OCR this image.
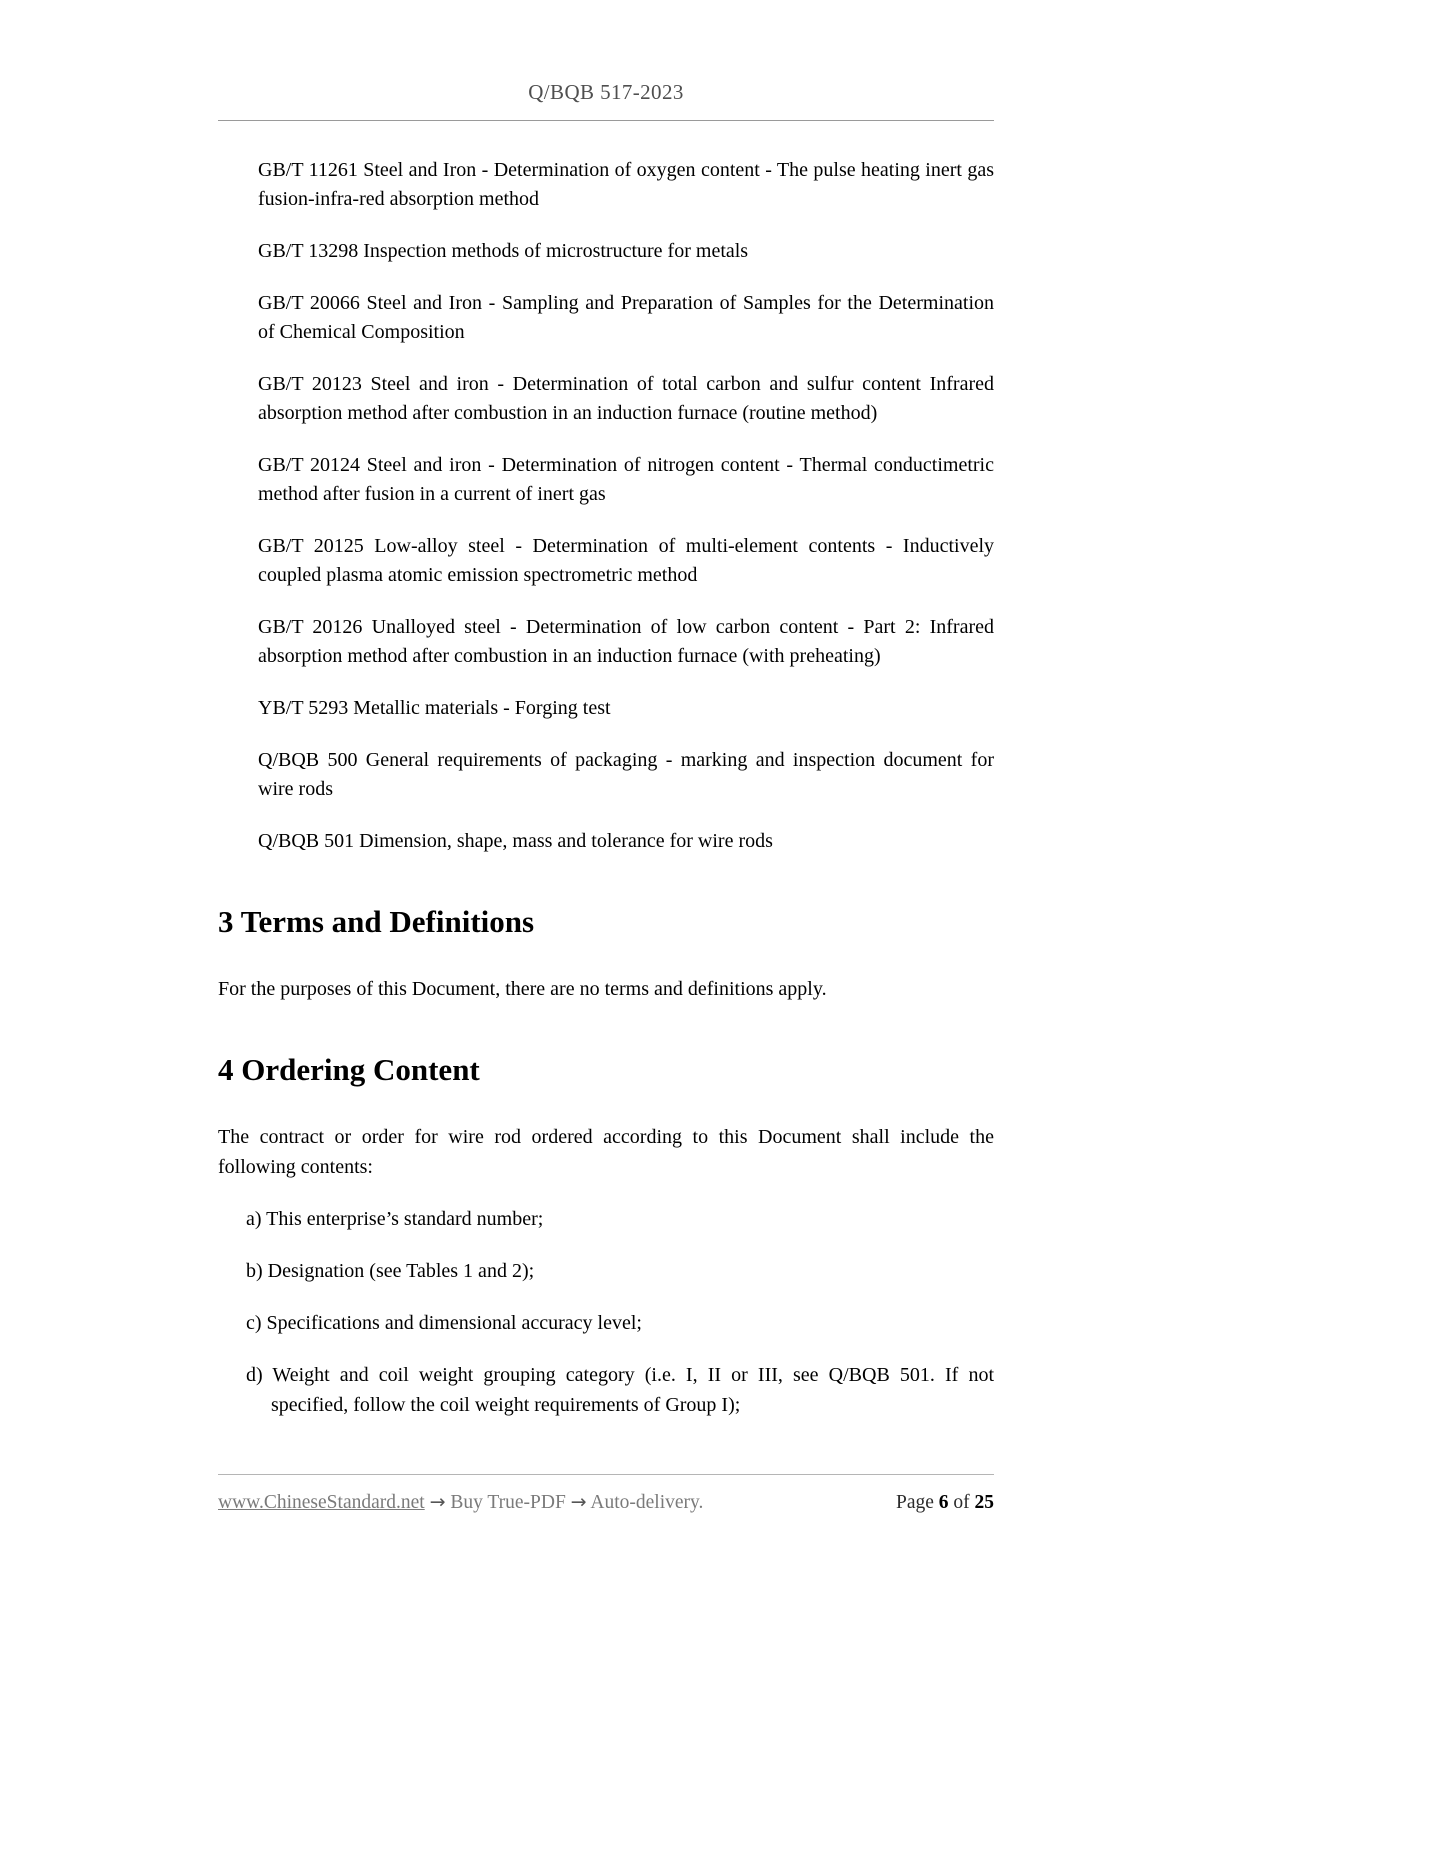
Q/BQB 517-2023

GB/T 11261 Steel and Iron - Determination of oxygen content - The pulse heating inert gas fusion-infra-red absorption method

GB/T 13298 Inspection methods of microstructure for metals

GB/T 20066 Steel and Iron - Sampling and Preparation of Samples for the Determination of Chemical Composition

GB/T 20123 Steel and iron - Determination of total carbon and sulfur content Infrared absorption method after combustion in an induction furnace (routine method)

GB/T 20124 Steel and iron - Determination of nitrogen content - Thermal conductimetric method after fusion in a current of inert gas

GB/T 20125 Low-alloy steel - Determination of multi-element contents - Inductively coupled plasma atomic emission spectrometric method

GB/T 20126 Unalloyed steel - Determination of low carbon content - Part 2: Infrared absorption method after combustion in an induction furnace (with preheating)

YB/T 5293 Metallic materials - Forging test

Q/BQB 500 General requirements of packaging - marking and inspection document for wire rods

Q/BQB 501 Dimension, shape, mass and tolerance for wire rods

3 Terms and Definitions

For the purposes of this Document, there are no terms and definitions apply.

4 Ordering Content

The contract or order for wire rod ordered according to this Document shall include the following contents:

a) This enterprise’s standard number;

b) Designation (see Tables 1 and 2);

c) Specifications and dimensional accuracy level;

d) Weight and coil weight grouping category (i.e. I, II or III, see Q/BQB 501. If not specified, follow the coil weight requirements of Group I);

www.ChineseStandard.net → Buy True-PDF → Auto-delivery.	Page 6 of 25
